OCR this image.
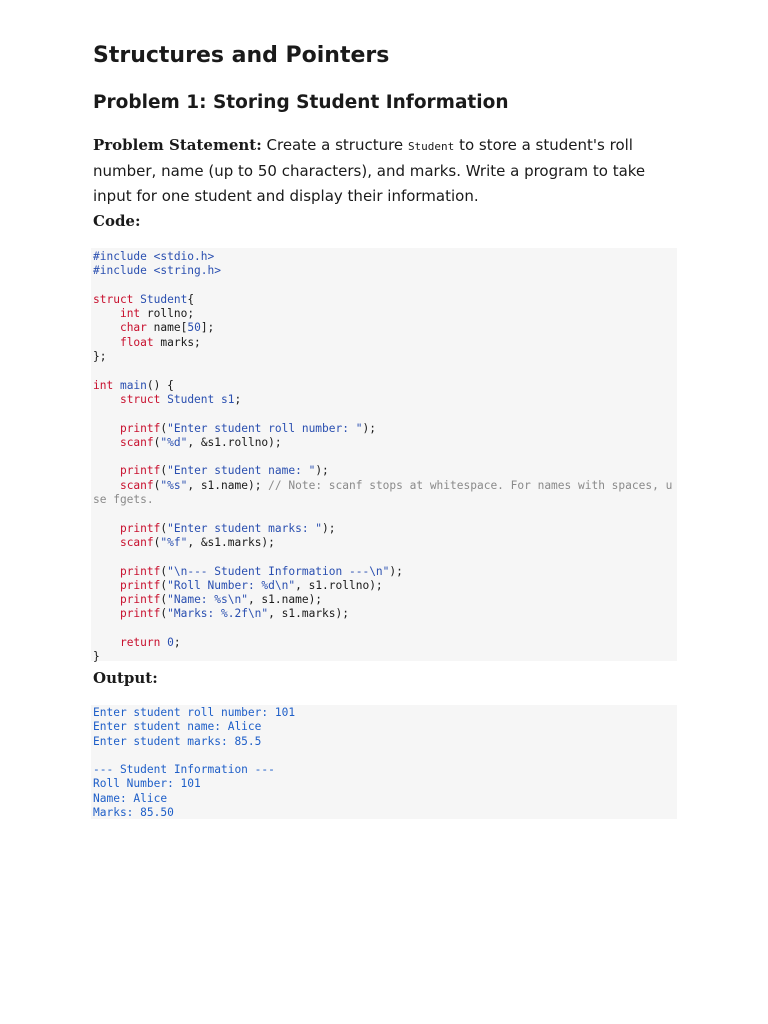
Structures and Pointers
Problem 1: Storing Student Information

Problem Statement: Create a structure Student to store a student's roll number, name (up to 50 characters), and marks. Write a program to take input for one student and display their information.

Code:
#include <stdio.h>
#include <string.h>

struct Student{
int rollno;
char name[50];
float marks;
};

int main() {
struct Student s1;

printf("Enter student roll number: ");
scanf("%d", &s1.rollno);

printf("Enter student name: ");
scanf("%s", s1.name); // Note: scanf stops at whitespace. For names with spaces, use fgets.

printf("Enter student marks: ");
scanf("%f", &s1.marks);

printf("\n--- Student Information ---\n");
printf("Roll Number: %d\n", s1.rollno);
printf("Name: %s\n", s1.name);
printf("Marks: %.2f\n", s1.marks);

return 0;
}
Output:
Enter student roll number: 101
Enter student name: Alice
Enter student marks: 85.5

--- Student Information ---
Roll Number: 101
Name: Alice
Marks: 85.50
